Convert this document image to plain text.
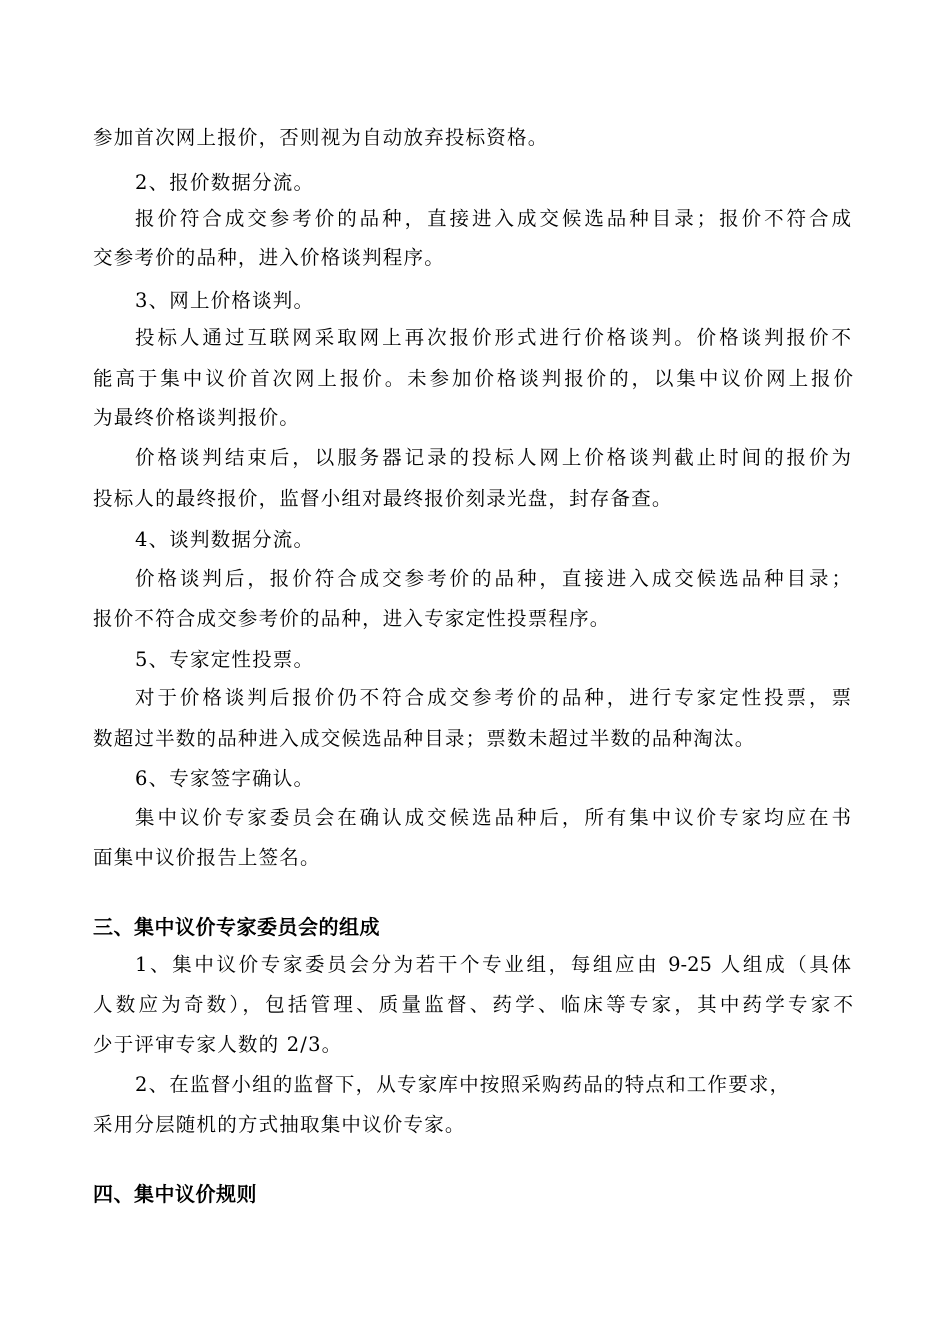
参加首次网上报价，否则视为自动放弃投标资格。
2、报价数据分流。
报价符合成交参考价的品种，直接进入成交候选品种目录；报价不符合成
交参考价的品种，进入价格谈判程序。
3、网上价格谈判。
投标人通过互联网采取网上再次报价形式进行价格谈判。价格谈判报价不
能高于集中议价首次网上报价。未参加价格谈判报价的，以集中议价网上报价
为最终价格谈判报价。
价格谈判结束后，以服务器记录的投标人网上价格谈判截止时间的报价为
投标人的最终报价，监督小组对最终报价刻录光盘，封存备查。
4、谈判数据分流。
价格谈判后，报价符合成交参考价的品种，直接进入成交候选品种目录；
报价不符合成交参考价的品种，进入专家定性投票程序。
5、专家定性投票。
对于价格谈判后报价仍不符合成交参考价的品种，进行专家定性投票，票
数超过半数的品种进入成交候选品种目录；票数未超过半数的品种淘汰。
6、专家签字确认。
集中议价专家委员会在确认成交候选品种后，所有集中议价专家均应在书
面集中议价报告上签名。
三、集中议价专家委员会的组成
1、集中议价专家委员会分为若干个专业组，每组应由 9-25 人组成（具体
人数应为奇数），包括管理、质量监督、药学、临床等专家，其中药学专家不
少于评审专家人数的 2/3。
2、在监督小组的监督下，从专家库中按照采购药品的特点和工作要求，
采用分层随机的方式抽取集中议价专家。
四、集中议价规则
